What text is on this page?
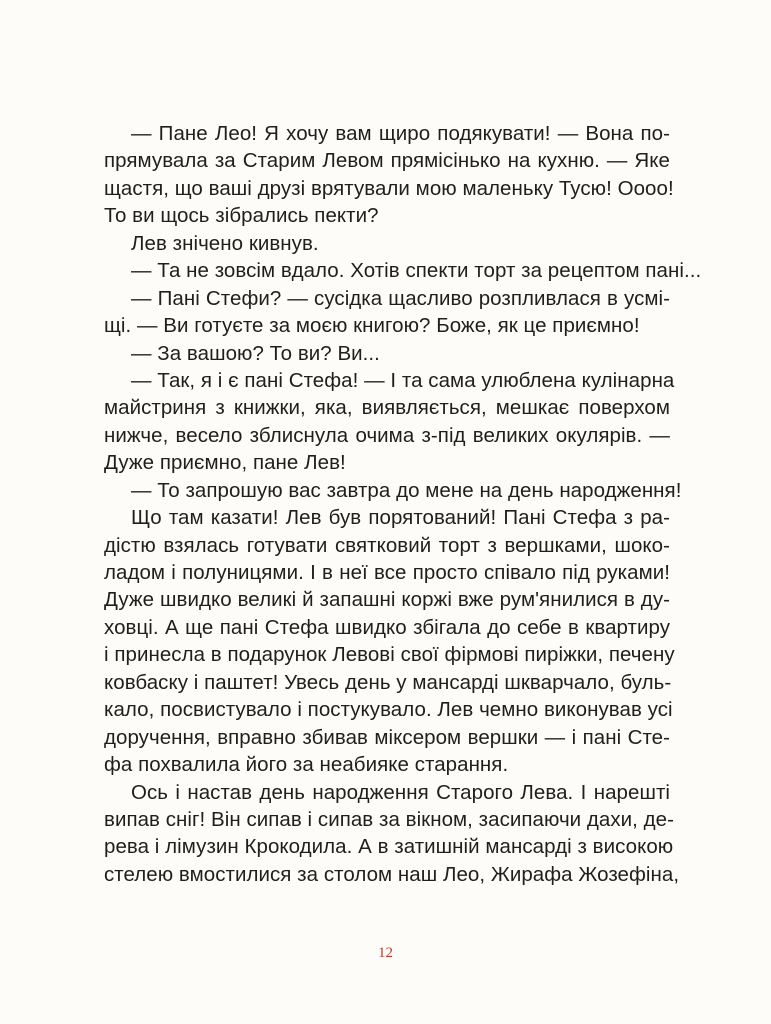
— Пане Лео! Я хочу вам щиро подякувати! — Вона по-
прямувала за Старим Левом прямісінько на кухню. — Яке
щастя, що ваші друзі врятували мою маленьку Тусю! Оооо!
То ви щось зібрались пекти?
Лев знічено кивнув.
— Та не зовсім вдало. Хотів спекти торт за рецептом пані...
— Пані Стефи? — сусідка щасливо розпливлася в усмі-
щі. — Ви готуєте за моєю книгою? Боже, як це приємно!
— За вашою? То ви? Ви...
— Так, я і є пані Стефа! — І та сама улюблена кулінарна
майстриня з книжки, яка, виявляється, мешкає поверхом
нижче, весело зблиснула очима з-під великих окулярів. —
Дуже приємно, пане Лев!
— То запрошую вас завтра до мене на день народження!
Що там казати! Лев був порятований! Пані Стефа з ра-
дістю взялась готувати святковий торт з вершками, шоко-
ладом і полуницями. І в неї все просто співало під руками!
Дуже швидко великі й запашні коржі вже рум'янилися в ду-
ховці. А ще пані Стефа швидко збігала до себе в квартиру
і принесла в подарунок Левові свої фірмові пиріжки, печену
ковбаску і паштет! Увесь день у мансарді шкварчало, буль-
кало, посвистувало і постукувало. Лев чемно виконував усі
доручення, вправно збивав міксером вершки — і пані Сте-
фа похвалила його за неабияке старання.
Ось і настав день народження Старого Лева. І нарешті
випав сніг! Він сипав і сипав за вікном, засипаючи дахи, де-
рева і лімузин Крокодила. А в затишній мансарді з високою
стелею вмостилися за столом наш Лео, Жирафа Жозефіна,
12
